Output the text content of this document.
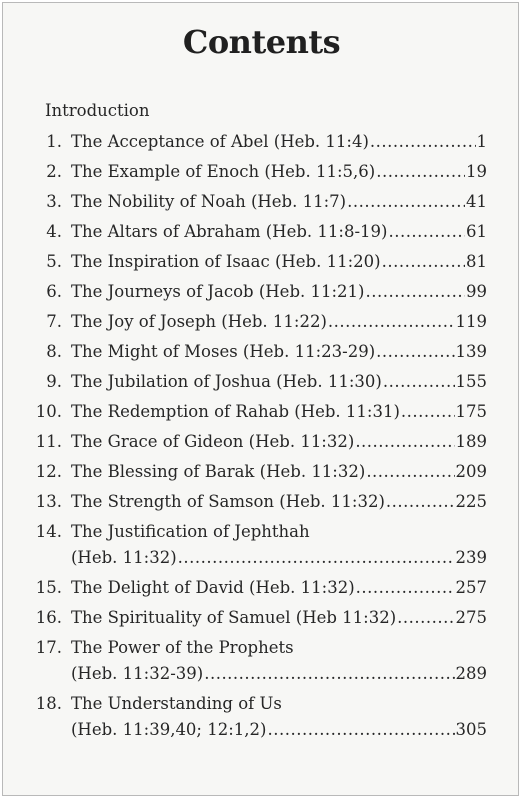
Contents
Introduction
1. The Acceptance of Abel (Heb. 11:4) .....	1
2. The Example of Enoch (Heb. 11:5,6) .....	19
3. The Nobility of Noah (Heb. 11:7) .....	41
4. The Altars of Abraham (Heb. 11:8-19) .....	61
5. The Inspiration of Isaac (Heb. 11:20) .....	81
6. The Journeys of Jacob (Heb. 11:21) .....	99
7. The Joy of Joseph (Heb. 11:22) .....	119
8. The Might of Moses (Heb. 11:23-29) .....	139
9. The Jubilation of Joshua (Heb. 11:30) .....	155
10. The Redemption of Rahab (Heb. 11:31) .....	175
11. The Grace of Gideon (Heb. 11:32) .....	189
12. The Blessing of Barak (Heb. 11:32) .....	209
13. The Strength of Samson (Heb. 11:32) .....	225
14. The Justification of Jephthah
(Heb. 11:32) .....	239
15. The Delight of David (Heb. 11:32) .....	257
16. The Spirituality of Samuel (Heb 11:32) .....	275
17. The Power of the Prophets
(Heb. 11:32-39) .....	289
18. The Understanding of Us
(Heb. 11:39,40; 12:1,2) .....	305
